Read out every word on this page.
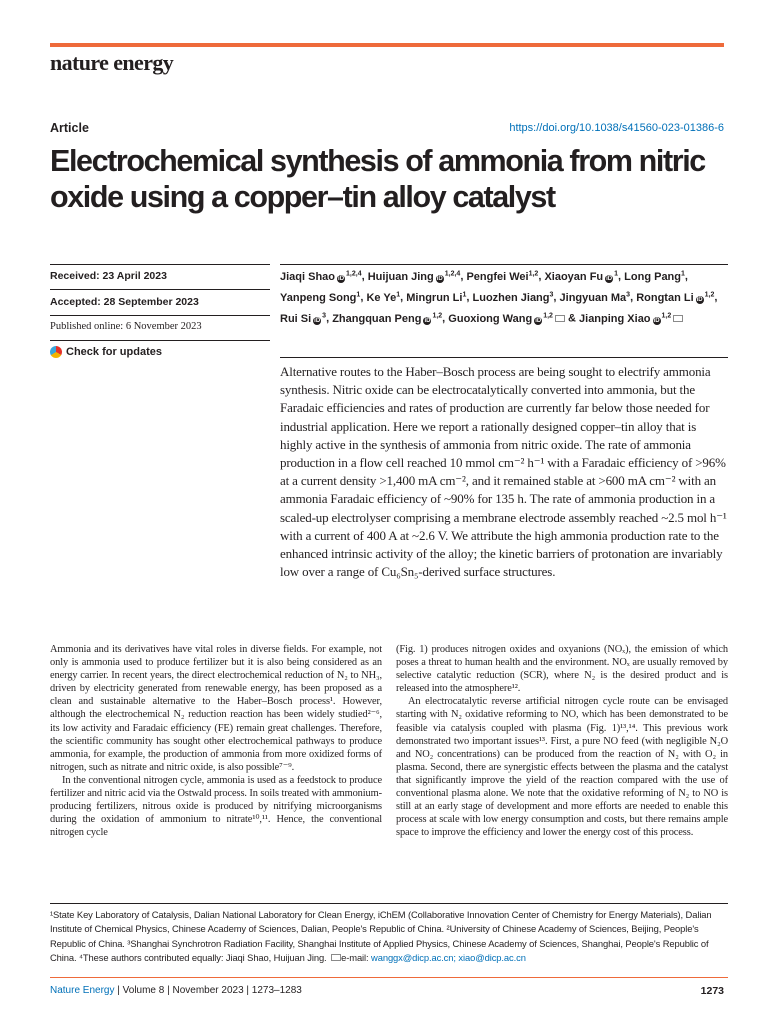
nature energy
Article	https://doi.org/10.1038/s41560-023-01386-6
Electrochemical synthesis of ammonia from nitric oxide using a copper–tin alloy catalyst
Received: 23 April 2023
Accepted: 28 September 2023
Published online: 6 November 2023
Check for updates
Jiaqi Shao iD$^{1,2,4}$, Huijuan Jing iD$^{1,2,4}$, Pengfei Wei$^{1,2}$, Xiaoyan Fu $iD^1$, Long Pang$^1$, Yanpeng Song$^1$, Ke Ye$^1$, Mingrun Li$^1$, Luozhen Jiang$^3$, Jingyuan Ma$^3$, Rongtan Li iD$^{1,2}$, Rui Si $iD^3$, Zhangquan Peng iD$^{1,2}$, Guoxiong Wang iD$^{1,2}$ & Jianping Xiao iD$^{1,2}$

Alternative routes to the Haber–Bosch process are being sought to electrify ammonia synthesis. Nitric oxide can be electrocatalytically converted into ammonia, but the Faradaic efficiencies and rates of production are currently far below those needed for industrial application. Here we report a rationally designed copper–tin alloy that is highly active in the synthesis of ammonia from nitric oxide. The rate of ammonia production in a flow cell reached 10 mmol cm⁻² h⁻¹ with a Faradaic efficiency of >96% at a current density >1,400 mA cm⁻², and it remained stable at >600 mA cm⁻² with an ammonia Faradaic efficiency of ~90% for 135 h. The rate of ammonia production in a scaled-up electrolyser comprising a membrane electrode assembly reached ~2.5 mol h⁻¹ with a current of 400 A at ~2.6 V. We attribute the high ammonia production rate to the enhanced intrinsic activity of the alloy; the kinetic barriers of protonation are invariably low over a range of Cu₆Sn₅-derived surface structures.

Ammonia and its derivatives have vital roles in diverse fields. For example, not only is ammonia used to produce fertilizer but it is also being considered as an energy carrier. In recent years, the direct electrochemical reduction of N₂ to NH₃, driven by electricity generated from renewable energy, has been proposed as a clean and sustainable alternative to the Haber–Bosch process¹. However, although the electrochemical N₂ reduction reaction has been widely studied²⁻⁶, its low activity and Faradaic efficiency (FE) remain great challenges. Therefore, the scientific community has sought other electrochemical pathways to produce ammonia, for example, the production of ammonia from more oxidized forms of nitrogen, such as nitrate and nitric oxide, is also possible⁷⁻⁹.

In the conventional nitrogen cycle, ammonia is used as a feedstock to produce fertilizer and nitric acid via the Ostwald process. In soils treated with ammonium-producing fertilizers, nitrous oxide is produced by nitrifying microorganisms during the oxidation of ammonium to nitrate¹⁰,¹¹. Hence, the conventional nitrogen cycle

(Fig. 1) produces nitrogen oxides and oxyanions (NOₓ), the emission of which poses a threat to human health and the environment. NOₓ are usually removed by selective catalytic reduction (SCR), where N₂ is the desired product and is released into the atmosphere¹².

An electrocatalytic reverse artificial nitrogen cycle route can be envisaged starting with N₂ oxidative reforming to NO, which has been demonstrated to be feasible via catalysis coupled with plasma (Fig. 1)¹³,¹⁴. This previous work demonstrated two important issues¹³. First, a pure NO feed (with negligible N₂O and NO₂ concentrations) can be produced from the reaction of N₂ with O₂ in plasma. Second, there are synergistic effects between the plasma and the catalyst that significantly improve the yield of the reaction compared with the use of conventional plasma alone. We note that the oxidative reforming of N₂ to NO is still at an early stage of development and more efforts are needed to enable this process at scale with low energy consumption and costs, but there remains ample space to improve the efficiency and lower the energy cost of this process.

¹State Key Laboratory of Catalysis, Dalian National Laboratory for Clean Energy, iChEM (Collaborative Innovation Center of Chemistry for Energy Materials), Dalian Institute of Chemical Physics, Chinese Academy of Sciences, Dalian, People's Republic of China. ²University of Chinese Academy of Sciences, Beijing, People's Republic of China. ³Shanghai Synchrotron Radiation Facility, Shanghai Institute of Applied Physics, Chinese Academy of Sciences, Shanghai, People's Republic of China. ⁴These authors contributed equally: Jiaqi Shao, Huijuan Jing. e-mail: wanggx@dicp.ac.cn; xiao@dicp.ac.cn
Nature Energy | Volume 8 | November 2023 | 1273–1283	1273
